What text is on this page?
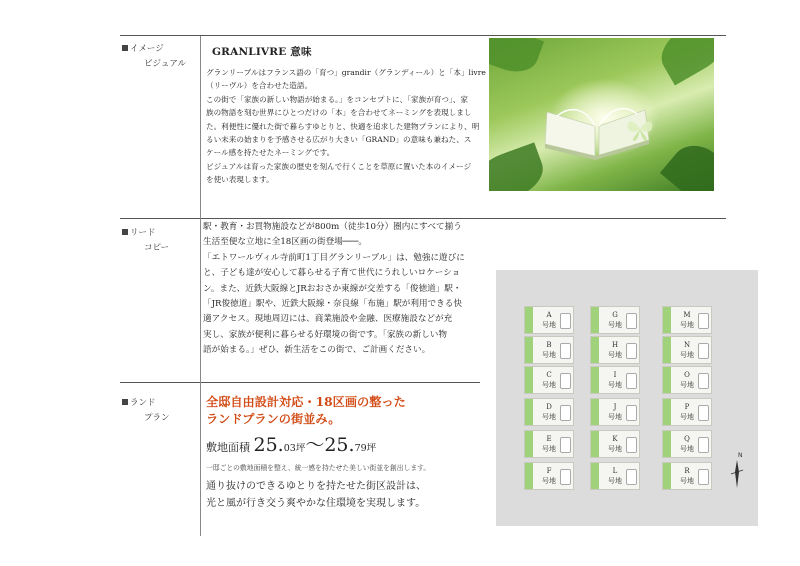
イメージ
ビジュアル
リード
コピー
ランド
プラン
GRANLIVRE 意味

グランリーブルはフランス語の「育つ」grandir（グランディール）と「本」livre

（リーヴル）を合わせた造語。

この街で「家族の新しい物語が始まる。」をコンセプトに、「家族が育つ」、家

族の物語を刻む世界にひとつだけの「本」を合わせてネーミングを表現しまし

た。利便性に優れた街で暮らすゆとりと、快適を追求した建物プランにより、明

るい未来の始まりを予感させる広がり大きい「GRAND」の意味も兼ねた、ス

ケール感を持たせたネーミングです。

ビジュアルは育った家族の歴史を刻んで行くことを草原に置いた本のイメージ

を使い表現します。

駅・教育・お買物施設などが800m（徒歩10分）圏内にすべて揃う

生活至便な立地に全18区画の街登場───。

「エトワールヴィル寺前町1丁目グランリーブル」は、勉強に遊びに

と、子ども達が安心して暮らせる子育て世代にうれしいロケーショ

ン。また、近鉄大阪線とJRおおさか東線が交差する「俊徳道」駅・

「JR俊徳道」駅や、近鉄大阪線・奈良線「布施」駅が利用できる快

適アクセス。現地周辺には、商業施設や金融、医療施設などが充

実し、家族が便利に暮らせる好環境の街です。「家族の新しい物

語が始まる。」ぜひ、新生活をこの街で、ご計画ください。

全邸自由設計対応・18区画の整った
ランドプランの街並み。
敷地面積 25.03坪～25.79坪
一邸ごとの敷地面積を整え、統一感を持たせた美しい街並を創出します。
通り抜けのできるゆとりを持たせた街区設計は、
光と風が行き交う爽やかな住環境を実現します。
A
号地
B
号地
C
号地
D
号地
E
号地
F
号地
G
号地
H
号地
I
号地
J
号地
K
号地
L
号地
M
号地
N
号地
O
号地
P
号地
Q
号地
R
号地
N
